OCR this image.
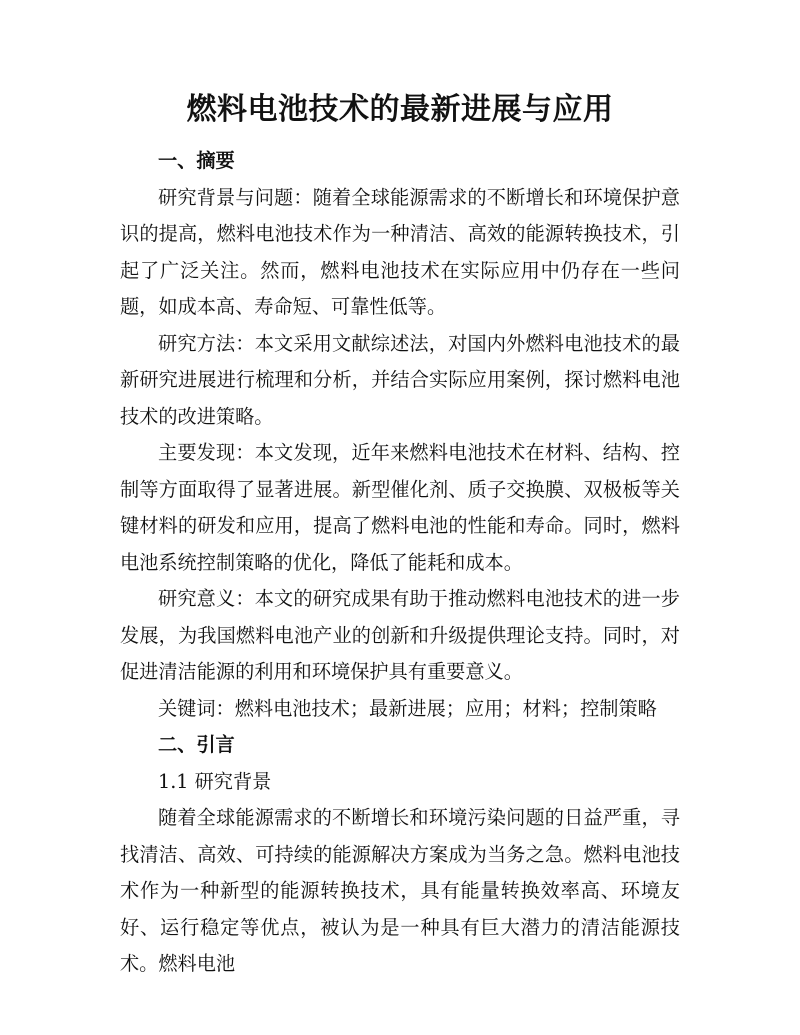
燃料电池技术的最新进展与应用
一、摘要

研究背景与问题：随着全球能源需求的不断增长和环境保护意识的提高，燃料电池技术作为一种清洁、高效的能源转换技术，引起了广泛关注。然而，燃料电池技术在实际应用中仍存在一些问题，如成本高、寿命短、可靠性低等。

研究方法：本文采用文献综述法，对国内外燃料电池技术的最新研究进展进行梳理和分析，并结合实际应用案例，探讨燃料电池技术的改进策略。

主要发现：本文发现，近年来燃料电池技术在材料、结构、控制等方面取得了显著进展。新型催化剂、质子交换膜、双极板等关键材料的研发和应用，提高了燃料电池的性能和寿命。同时，燃料电池系统控制策略的优化，降低了能耗和成本。

研究意义：本文的研究成果有助于推动燃料电池技术的进一步发展，为我国燃料电池产业的创新和升级提供理论支持。同时，对促进清洁能源的利用和环境保护具有重要意义。

关键词：燃料电池技术；最新进展；应用；材料；控制策略

二、引言

1.1 研究背景

随着全球能源需求的不断增长和环境污染问题的日益严重，寻找清洁、高效、可持续的能源解决方案成为当务之急。燃料电池技术作为一种新型的能源转换技术，具有能量转换效率高、环境友好、运行稳定等优点，被认为是一种具有巨大潜力的清洁能源技术。燃料电池
